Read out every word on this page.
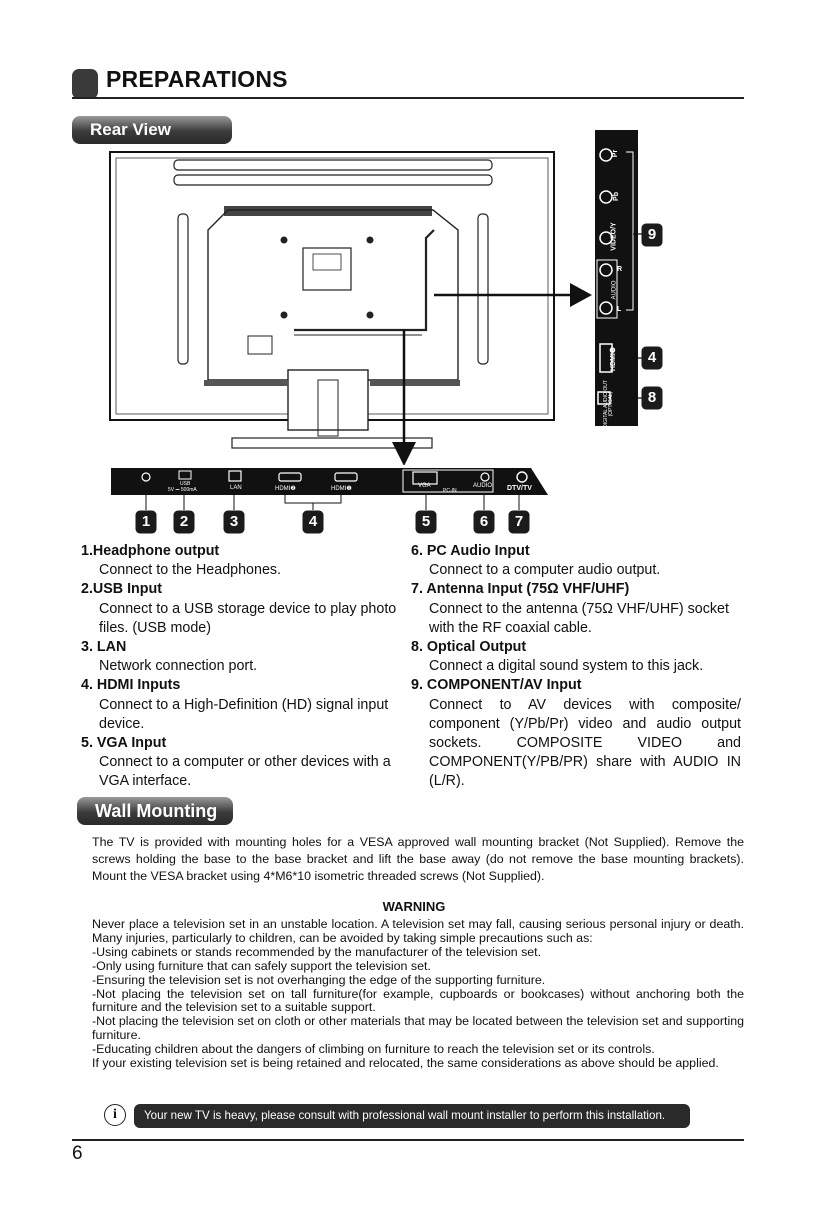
PREPARATIONS
Rear View
Pr
Pb
VIDEO/Y
R
AUDIO
L
HDMI❸
DIGITAL AUDIO OUT (OPTICAL)
9
4
8
USB
5V ⎓ 500mA	LAN	HDMI❷	HDMI❶	VGA	AUDIO
PC-IN	DTV/TV
1	2	3	4	5	6	7
1.Headphone output
Connect to the Headphones.
2.USB Input
Connect to a USB storage device to play photo files. (USB mode)
3. LAN
Network connection port.
4. HDMI Inputs
Connect to a High-Definition (HD) signal input device.
5. VGA Input
Connect to a computer or other devices with a VGA interface.
6. PC Audio Input
Connect to a computer audio output.
7. Antenna Input (75Ω VHF/UHF)
Connect to the antenna (75Ω VHF/UHF) socket with the RF coaxial cable.
8. Optical Output
Connect a digital sound system to this jack.
9. COMPONENT/AV Input
Connect to AV devices with composite/ component (Y/Pb/Pr) video and audio output sockets. COMPOSITE VIDEO and COMPONENT(Y/PB/PR) share with AUDIO IN (L/R).
Wall Mounting
The TV is provided with mounting holes for a VESA approved wall mounting bracket (Not Supplied). Remove the screws holding the base to the base bracket and lift the base away (do not remove the base mounting brackets). Mount the VESA bracket using 4*M6*10 isometric threaded screws (Not Supplied).
WARNING
Never place a television set in an unstable location. A television set may fall, causing serious personal injury or death. Many injuries, particularly to children, can be avoided by taking simple precautions such as:
-Using cabinets or stands recommended by the manufacturer of the television set.
-Only using furniture that can safely support the television set.
-Ensuring the television set is not overhanging the edge of the supporting furniture.
-Not placing the television set on tall furniture(for example, cupboards or bookcases) without anchoring both the furniture and the television set to a suitable support.
-Not placing the television set on cloth or other materials that may be located between the television set and supporting furniture.
-Educating children about the dangers of climbing on furniture to reach the television set or its controls.
If your existing television set is being retained and relocated, the same considerations as above should be applied.
i	Your new TV is heavy, please consult with professional wall mount installer to perform this installation.
6
